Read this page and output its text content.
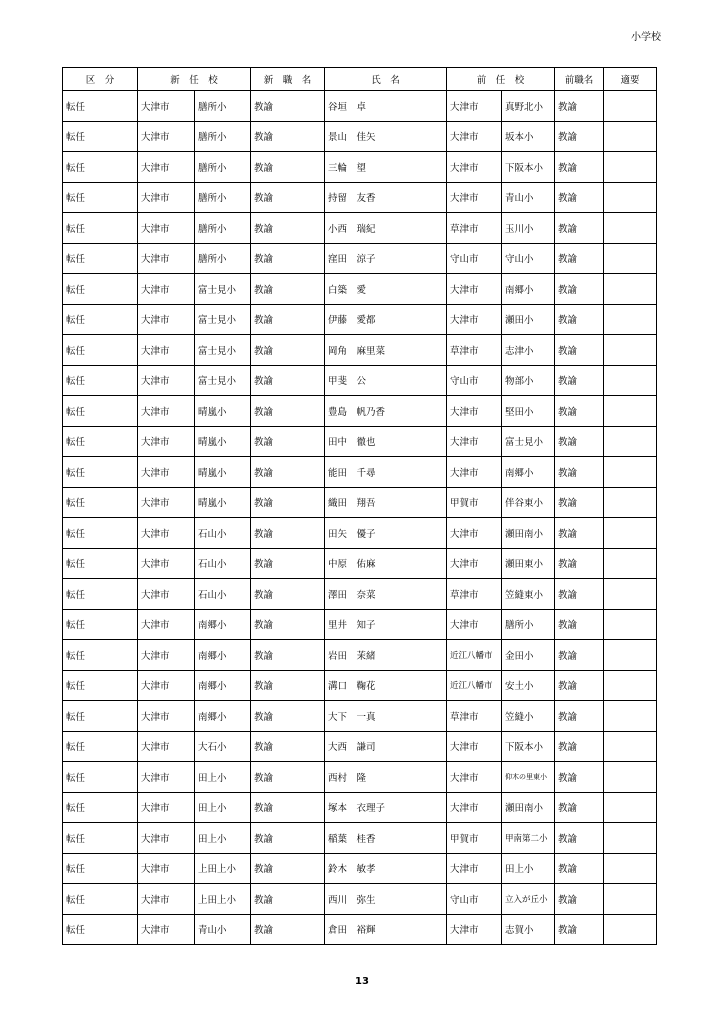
小学校
区　分	新　任　校		新　職　名	氏　名	前　任　校		前職名	適要
転任	大津市	膳所小	教諭	谷垣　卓	大津市	真野北小	教諭	
転任	大津市	膳所小	教諭	景山　佳矢	大津市	坂本小	教諭	
転任	大津市	膳所小	教諭	三輪　望	大津市	下阪本小	教諭	
転任	大津市	膳所小	教諭	持留　友香	大津市	青山小	教諭	
転任	大津市	膳所小	教諭	小西　瑞紀	草津市	玉川小	教諭	
転任	大津市	膳所小	教諭	窪田　涼子	守山市	守山小	教諭	
転任	大津市	富士見小	教諭	白築　愛	大津市	南郷小	教諭	
転任	大津市	富士見小	教諭	伊藤　愛都	大津市	瀬田小	教諭	
転任	大津市	富士見小	教諭	岡角　麻里菜	草津市	志津小	教諭	
転任	大津市	富士見小	教諭	甲斐　公	守山市	物部小	教諭	
転任	大津市	晴嵐小	教諭	豊島　帆乃香	大津市	堅田小	教諭	
転任	大津市	晴嵐小	教諭	田中　徹也	大津市	富士見小	教諭	
転任	大津市	晴嵐小	教諭	能田　千尋	大津市	南郷小	教諭	
転任	大津市	晴嵐小	教諭	織田　翔吾	甲賀市	伴谷東小	教諭	
転任	大津市	石山小	教諭	田矢　優子	大津市	瀬田南小	教諭	
転任	大津市	石山小	教諭	中原　佑麻	大津市	瀬田東小	教諭	
転任	大津市	石山小	教諭	澤田　奈菜	草津市	笠縫東小	教諭	
転任	大津市	南郷小	教諭	里井　知子	大津市	膳所小	教諭	
転任	大津市	南郷小	教諭	岩田　茉緒	近江八幡市	金田小	教諭	
転任	大津市	南郷小	教諭	溝口　鞠花	近江八幡市	安土小	教諭	
転任	大津市	南郷小	教諭	大下　一真	草津市	笠縫小	教諭	
転任	大津市	大石小	教諭	大西　謙司	大津市	下阪本小	教諭	
転任	大津市	田上小	教諭	西村　隆	大津市	仰木の里東小	教諭	
転任	大津市	田上小	教諭	塚本　衣理子	大津市	瀬田南小	教諭	
転任	大津市	田上小	教諭	稲葉　桂香	甲賀市	甲南第二小	教諭	
転任	大津市	上田上小	教諭	鈴木　敏孝	大津市	田上小	教諭	
転任	大津市	上田上小	教諭	西川　弥生	守山市	立入が丘小	教諭	
転任	大津市	青山小	教諭	倉田　裕輝	大津市	志賀小	教諭	
13
